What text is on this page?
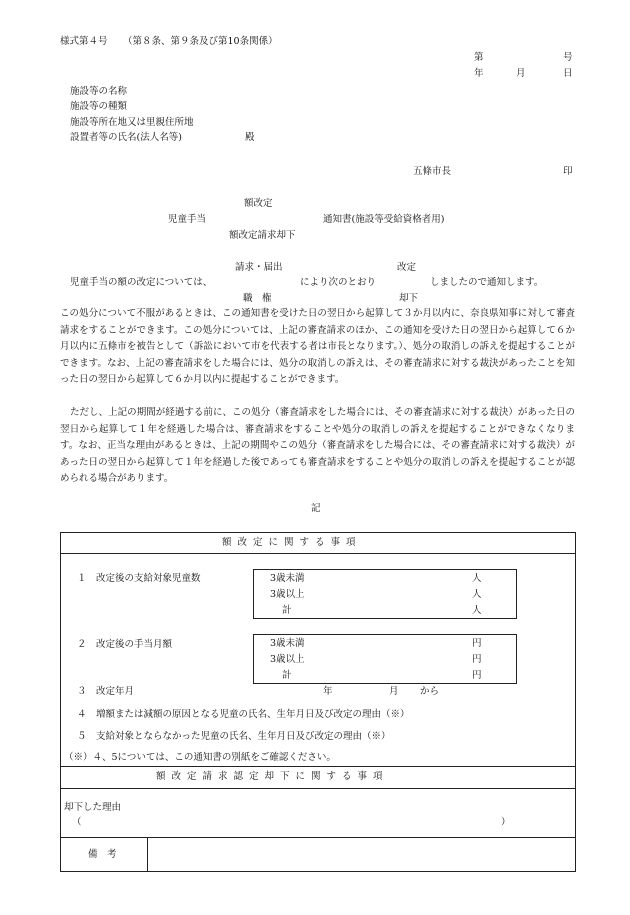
様式第４号 （第８条、第９条及び第10条関係）
第	号
年	月	日
施設等の名称
施設等の種類
施設等所在地又は里親住所地
設置者等の氏名(法人名等)	殿
五條市長	印
額改定
児童手当	通知書(施設等受給資格者用)
額改定請求却下
請求・届出	改定
児童手当の額の改定については、	により次のとおり	しましたので通知します。
職　権	却下
この処分について不服があるときは、この通知書を受けた日の翌日から起算して３か月以内に、奈良県知事に対して審査請求をすることができます。この処分については、上記の審査請求のほか、この通知を受けた日の翌日から起算して６か月以内に五條市を被告として（訴訟において市を代表する者は市長となります。）、処分の取消しの訴えを提起することができます。なお、上記の審査請求をした場合には、処分の取消しの訴えは、その審査請求に対する裁決があったことを知った日の翌日から起算して６か月以内に提起することができます。
ただし、上記の期間が経過する前に、この処分（審査請求をした場合には、その審査請求に対する裁決）があった日の翌日から起算して１年を経過した場合は、審査請求をすることや処分の取消しの訴えを提起することができなくなります。なお、正当な理由があるときは、上記の期間やこの処分（審査請求をした場合には、その審査請求に対する裁決）があった日の翌日から起算して１年を経過した後であっても審査請求をすることや処分の取消しの訴えを提起することが認められる場合があります。
記
額改定に関する事項
１　改定後の支給対象児童数	3歳未満	人
3歳以上	人
計	人
２　改定後の手当月額	3歳未満	円
3歳以上	円
計	円
３　改定年月	年	月 から
４　増額または減額の原因となる児童の氏名、生年月日及び改定の理由（※）
５　支給対象とならなかった児童の氏名、生年月日及び改定の理由（※）
（※）４、5については、この通知書の別紙をご確認ください。
額改定請求認定却下に関する事項
却下した理由
（	）
備　考
